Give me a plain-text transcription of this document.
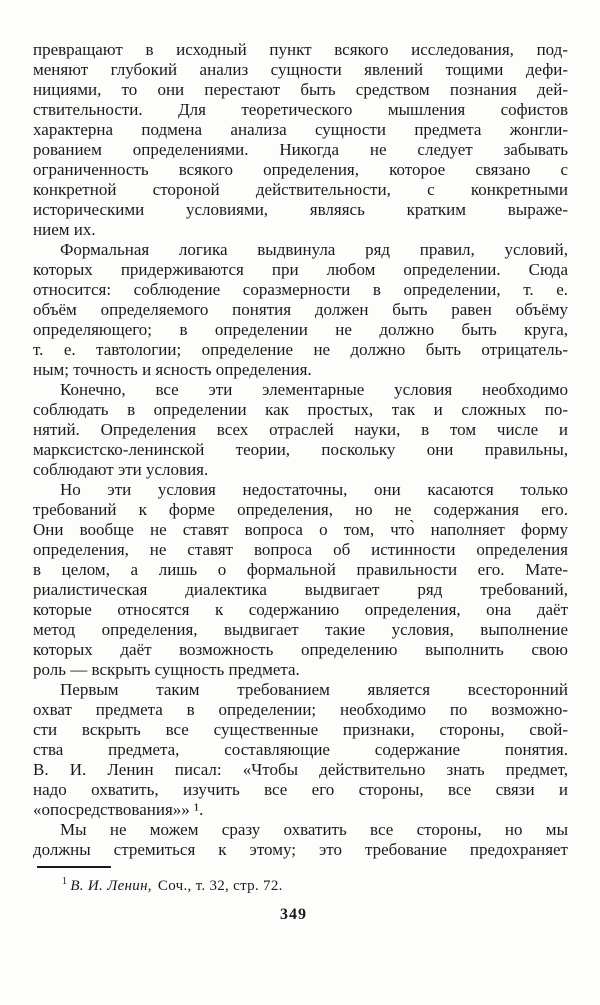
превращают в исходный пункт всякого исследования, под-
меняют глубокий анализ сущности явлений тощими дефи-
нициями, то они перестают быть средством познания дей-
ствительности. Для теоретического мышления софистов
характерна подмена анализа сущности предмета жонгли-
рованием определениями. Никогда не следует забывать
ограниченность всякого определения, которое связано с
конкретной стороной действительности, с конкретными
историческими условиями, являясь кратким выраже-
нием их.
Формальная логика выдвинула ряд правил, условий,
которых придерживаются при любом определении. Сюда
относится: соблюдение соразмерности в определении, т. е.
объём определяемого понятия должен быть равен объёму
определяющего; в определении не должно быть круга,
т. е. тавтологии; определение не должно быть отрицатель-
ным; точность и ясность определения.
Конечно, все эти элементарные условия необходимо
соблюдать в определении как простых, так и сложных по-
нятий. Определения всех отраслей науки, в том числе и
марксистско-ленинской теории, поскольку они правильны,
соблюдают эти условия.
Но эти условия недостаточны, они касаются только
требований к форме определения, но не содержания его.
Они вообще не ставят вопроса о том, что̀ наполняет форму
определения, не ставят вопроса об истинности определения
в целом, а лишь о формальной правильности его. Мате-
риалистическая диалектика выдвигает ряд требований,
которые относятся к содержанию определения, она даёт
метод определения, выдвигает такие условия, выполнение
которых даёт возможность определению выполнить свою
роль — вскрыть сущность предмета.
Первым таким требованием является всесторонний
охват предмета в определении; необходимо по возможно-
сти вскрыть все существенные признаки, стороны, свой-
ства предмета, составляющие содержание понятия.
В. И. Ленин писал: «Чтобы действительно знать предмет,
надо охватить, изучить все его стороны, все связи и
«опосредствования»» ¹.
Мы не можем сразу охватить все стороны, но мы
должны стремиться к этому; это требование предохраняет
$^1$ В. И. Ленин, Соч., т. 32, стр. 72.
349
